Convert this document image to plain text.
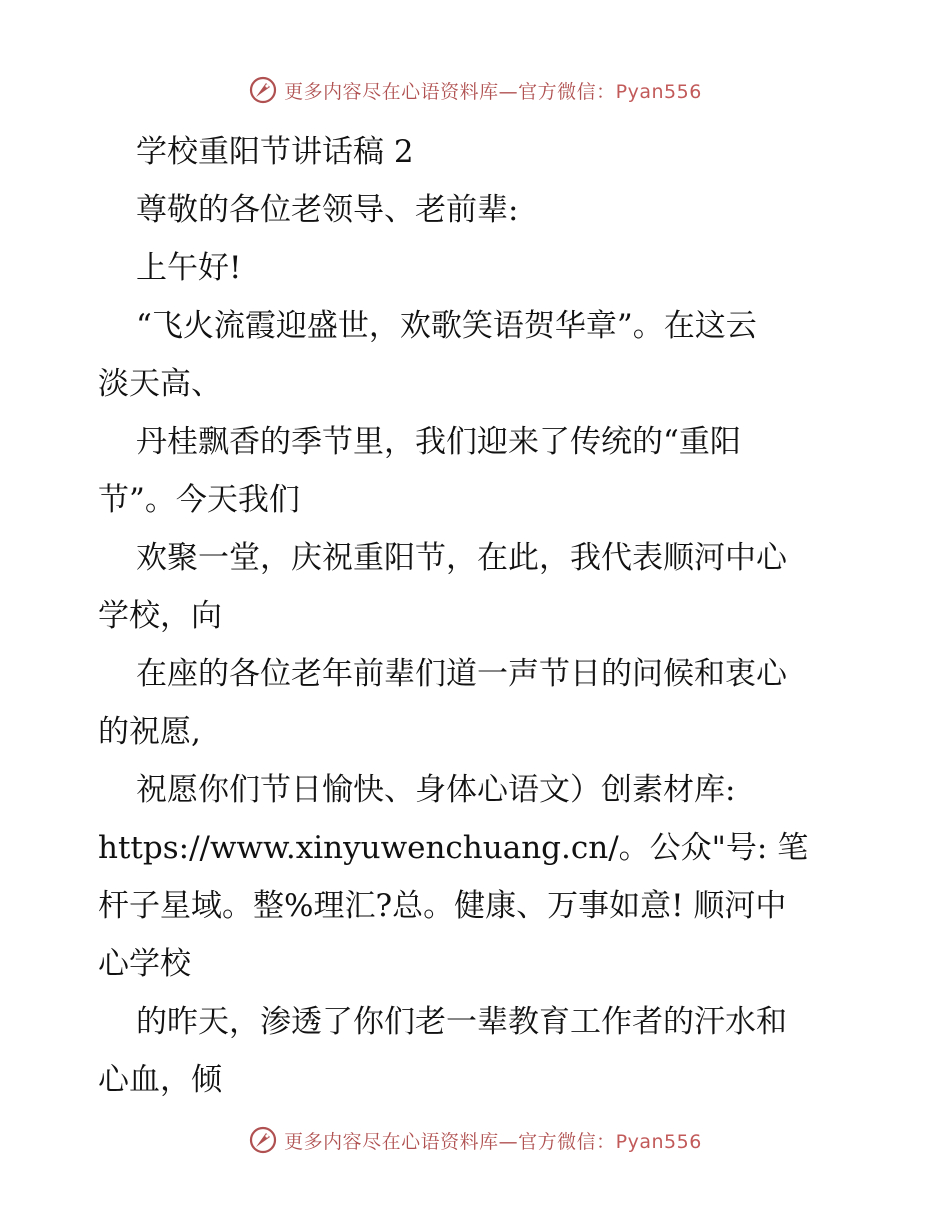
更多内容尽在心语资料库—官方微信：Pyan556
学校重阳节讲话稿 2
尊敬的各位老领导、老前辈:
上午好!
“飞火流霞迎盛世，欢歌笑语贺华章”。在这云
淡天高、
丹桂飘香的季节里，我们迎来了传统的“重阳
节”。今天我们
欢聚一堂，庆祝重阳节，在此，我代表顺河中心
学校，向
在座的各位老年前辈们道一声节日的问候和衷心
的祝愿,
祝愿你们节日愉快、身体心语文）创素材库:
https://www.xinyuwenchuang.cn/。公众"号: 笔
杆子星域。整%理汇?总。健康、万事如意! 顺河中
心学校
的昨天，渗透了你们老一辈教育工作者的汗水和
心血，倾
更多内容尽在心语资料库—官方微信：Pyan556
